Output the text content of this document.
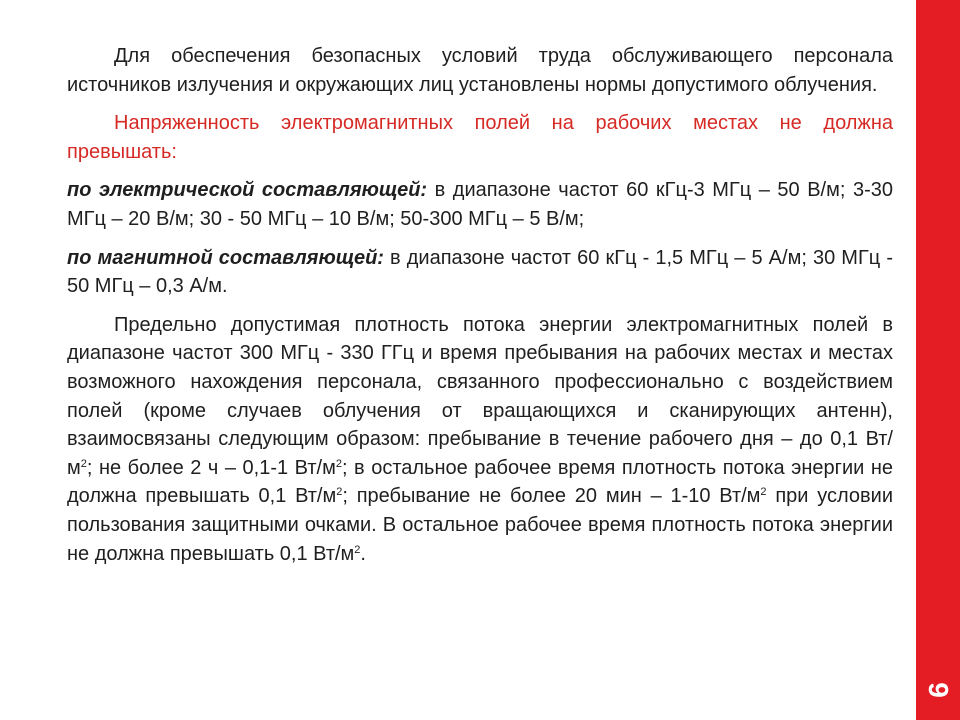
9

Для обеспечения безопасных условий труда обслуживающего персонала источников излучения и окружающих лиц установлены нормы допустимого облучения.

Напряженность электромагнитных полей на рабочих местах не должна превышать:

по электрической составляющей: в диапазоне частот 60 кГц-3 МГц – 50 В/м; 3-30 МГц – 20 В/м; 30 - 50 МГц – 10 В/м; 50-300 МГц – 5 В/м;

по магнитной составляющей: в диапазоне частот 60 кГц - 1,5 МГц – 5 А/м; 30 МГц - 50 МГц – 0,3 А/м.

Предельно допустимая плотность потока энергии электромагнитных полей в диапазоне частот 300 МГц - 330 ГГц и время пребывания на рабочих местах и местах возможного нахождения персонала, связанного профессионально с воздействием полей (кроме случаев облучения от вращающихся и сканирующих антенн), взаимосвязаны следующим образом: пребывание в течение рабочего дня – до 0,1 $Вт/м^2$; не более 2 ч – 0,1-1 $Вт/м^2$; в остальное рабочее время плотность потока энергии не должна превышать 0,1 $Вт/м^2$; пребывание не более 20 мин – 1-10 $Вт/м^2$ при условии пользования защитными очками. В остальное рабочее время плотность потока энергии не должна превышать 0,1 $Вт/м^2$.
